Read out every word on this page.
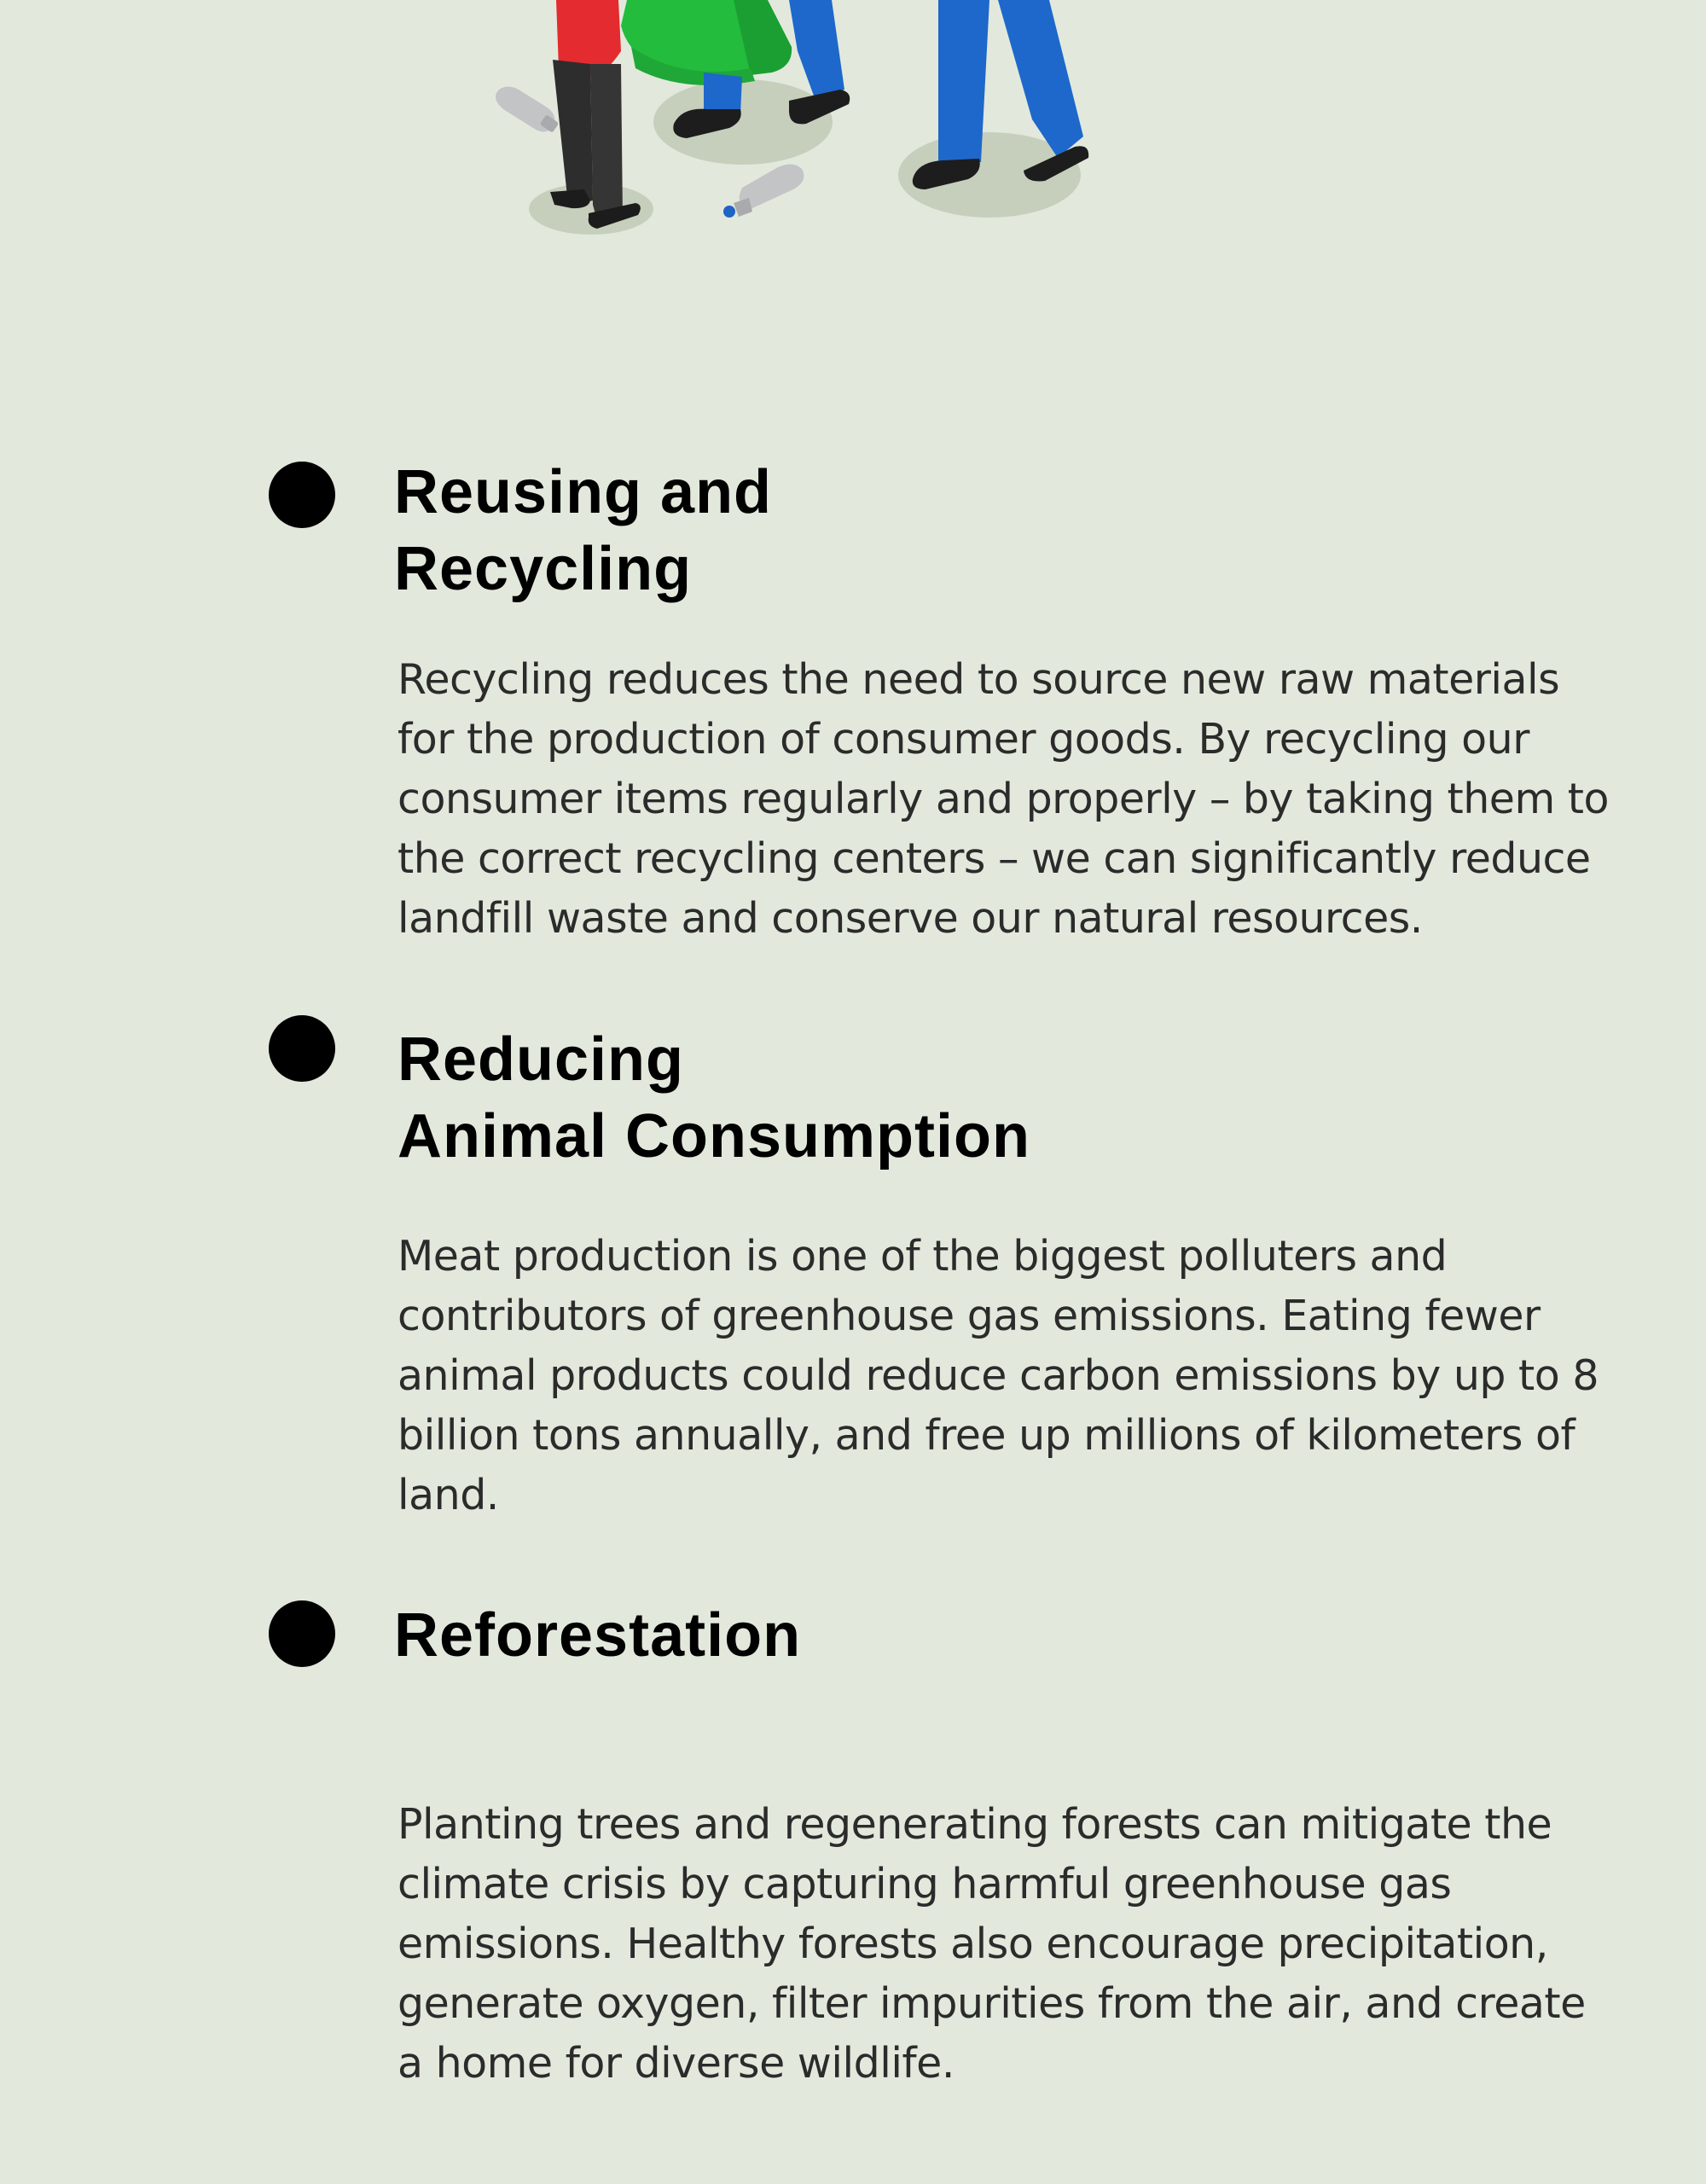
Reusing and
Recycling

Recycling reduces the need to source new raw materials for the production of consumer goods. By recycling our consumer items regularly and properly – by taking them to the correct recycling centers – we can significantly reduce landfill waste and conserve our natural resources.

Reducing
Animal Consumption

Meat production is one of the biggest polluters and contributors of greenhouse gas emissions. Eating fewer animal products could reduce carbon emissions by up to 8 billion tons annually, and free up millions of kilometers of land.

Reforestation

Planting trees and regenerating forests can mitigate the climate crisis by capturing harmful greenhouse gas emissions. Healthy forests also encourage precipitation, generate oxygen, filter impurities from the air, and create a home for diverse wildlife.
